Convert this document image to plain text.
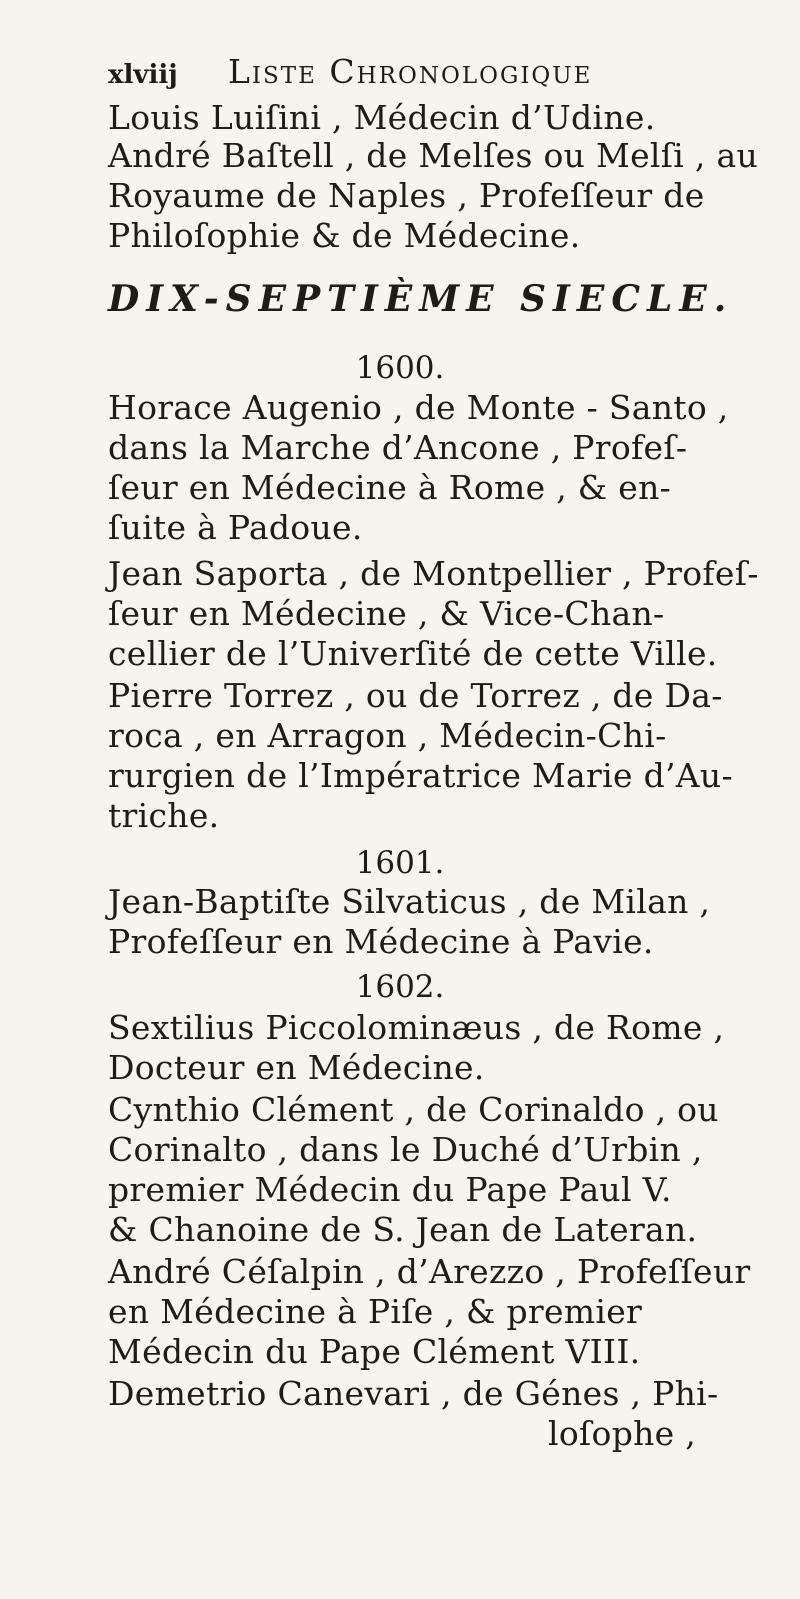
xlviij Liste Chronologique
Louis Luiſini , Médecin d’Udine.
André Baſtell , de Melſes ou Melſi , au
Royaume de Naples , Profeſſeur de
Philoſophie & de Médecine.
DIX-SEPTIÈME SIECLE.
1600.
Horace Augenio , de Monte - Santo ,
dans la Marche d’Ancone , Profeſ-
ſeur en Médecine à Rome , & en-
ſuite à Padoue.
Jean Saporta , de Montpellier , Profeſ-
ſeur en Médecine , & Vice-Chan-
cellier de l’Univerſité de cette Ville.
Pierre Torrez , ou de Torrez , de Da-
roca , en Arragon , Médecin-Chi-
rurgien de l’Impératrice Marie d’Au-
triche.
1601.
Jean-Baptiſte Silvaticus , de Milan ,
Profeſſeur en Médecine à Pavie.
1602.
Sextilius Piccolominæus , de Rome ,
Docteur en Médecine.
Cynthio Clément , de Corinaldo , ou
Corinalto , dans le Duché d’Urbin ,
premier Médecin du Pape Paul V.
& Chanoine de S. Jean de Lateran.
André Céſalpin , d’Arezzo , Profeſſeur
en Médecine à Piſe , & premier
Médecin du Pape Clément VIII.
Demetrio Canevari , de Génes , Phi-
loſophe ,
